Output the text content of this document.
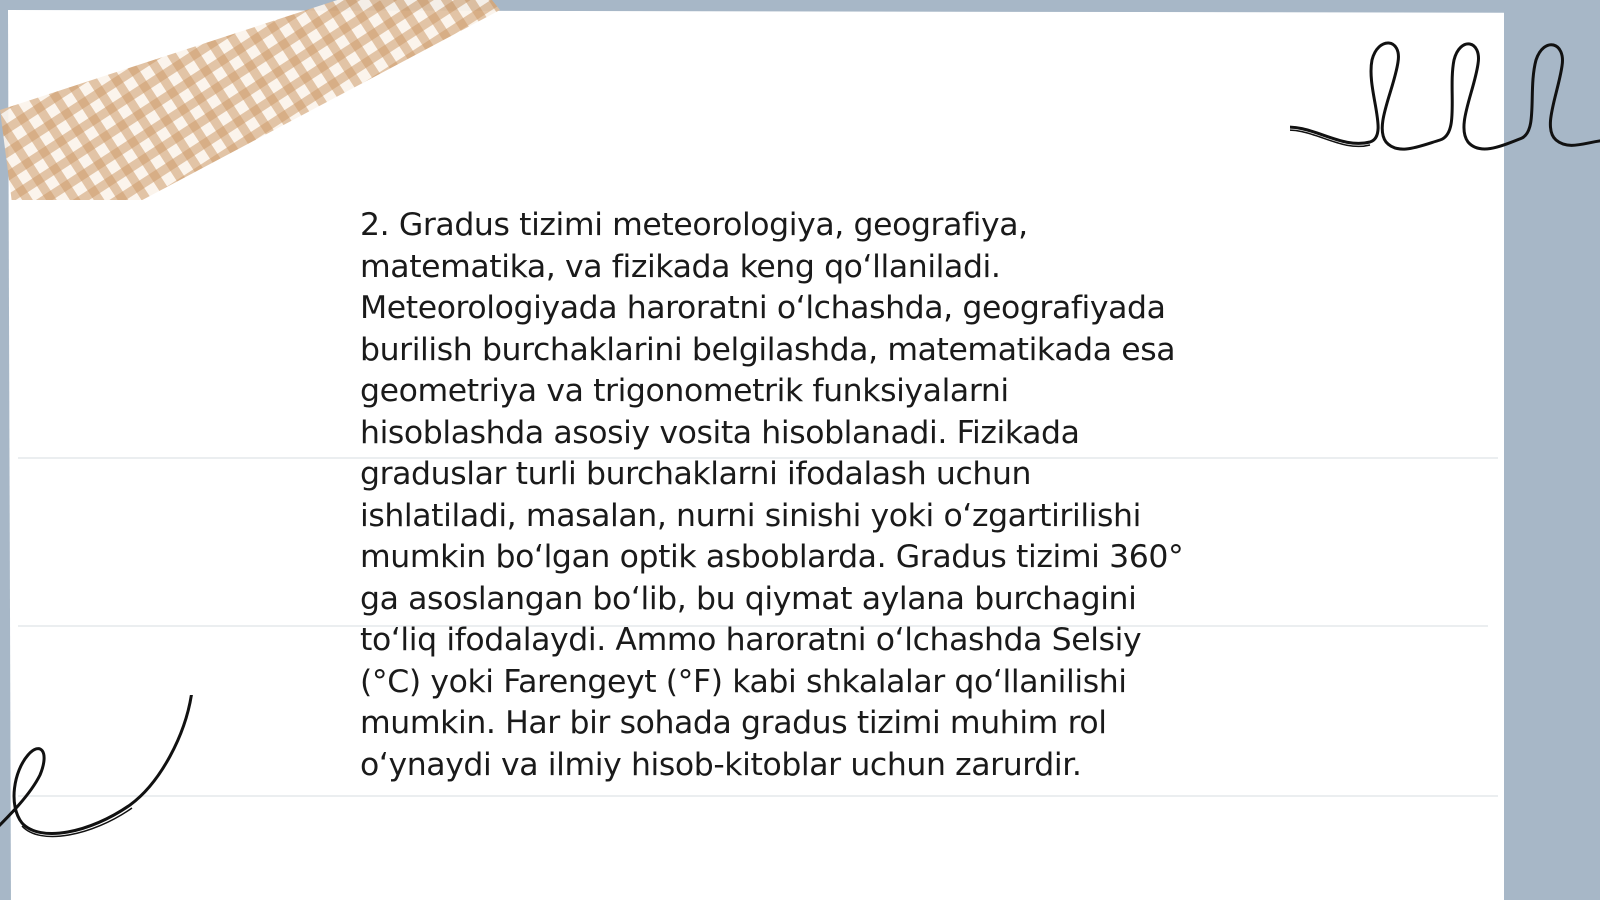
2. Gradus tizimi meteorologiya, geografiya,
matematika, va fizikada keng qoʻllaniladi.
Meteorologiyada haroratni oʻlchashda, geografiyada
burilish burchaklarini belgilashda, matematikada esa
geometriya va trigonometrik funksiyalarni
hisoblashda asosiy vosita hisoblanadi. Fizikada
graduslar turli burchaklarni ifodalash uchun
ishlatiladi, masalan, nurni sinishi yoki oʻzgartirilishi
mumkin boʻlgan optik asboblarda. Gradus tizimi 360°
ga asoslangan boʻlib, bu qiymat aylana burchagini
toʻliq ifodalaydi. Ammo haroratni oʻlchashda Selsiy
(°C) yoki Farengeyt (°F) kabi shkalalar qoʻllanilishi
mumkin. Har bir sohada gradus tizimi muhim rol
oʻynaydi va ilmiy hisob-kitoblar uchun zarurdir.
